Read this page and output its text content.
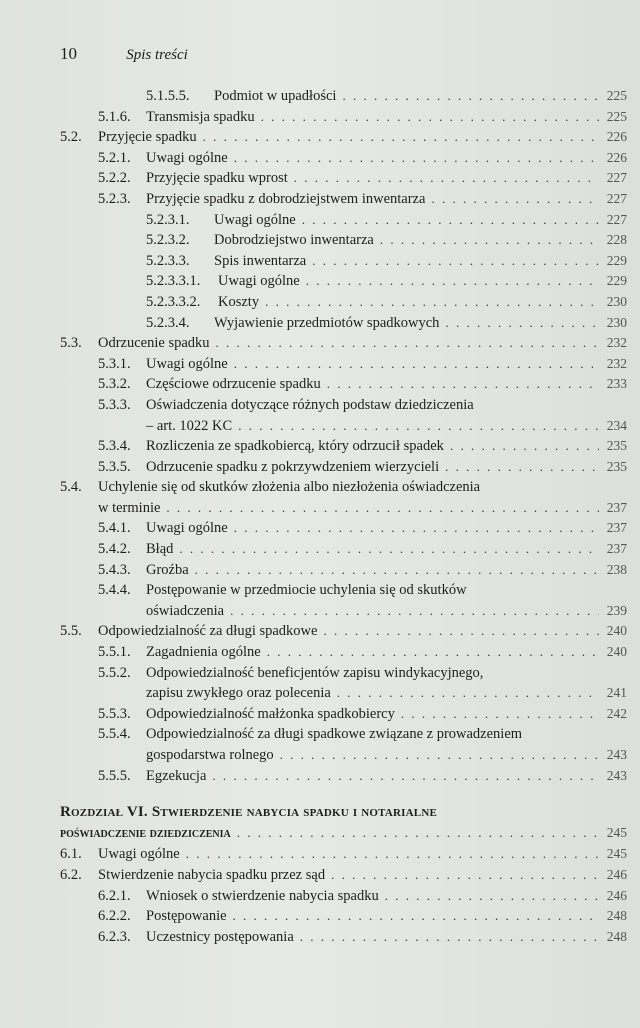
10	Spis treści
5.1.5.5.	Podmiot w upadłości . . .	225
5.1.6.	Transmisja spadku . . .	225
5.2.	Przyjęcie spadku . . .	226
5.2.1.	Uwagi ogólne . . .	226
5.2.2.	Przyjęcie spadku wprost . . .	227
5.2.3.	Przyjęcie spadku z dobrodziejstwem inwentarza . . .	227
5.2.3.1.	Uwagi ogólne . . .	227
5.2.3.2.	Dobrodziejstwo inwentarza . . .	228
5.2.3.3.	Spis inwentarza . . .	229
5.2.3.3.1.	Uwagi ogólne . . .	229
5.2.3.3.2.	Koszty . . .	230
5.2.3.4.	Wyjawienie przedmiotów spadkowych . . .	230
5.3.	Odrzucenie spadku . . .	232
5.3.1.	Uwagi ogólne . . .	232
5.3.2.	Częściowe odrzucenie spadku . . .	233
5.3.3.	Oświadczenia dotyczące różnych podstaw dziedziczenia
– art. 1022 KC . . .	234
5.3.4.	Rozliczenia ze spadkobiercą, który odrzucił spadek . . .	235
5.3.5.	Odrzucenie spadku z pokrzywdzeniem wierzycieli . . .	235
5.4.	Uchylenie się od skutków złożenia albo niezłożenia oświadczenia
w terminie . . .	237
5.4.1.	Uwagi ogólne . . .	237
5.4.2.	Błąd . . .	237
5.4.3.	Groźba . . .	238
5.4.4.	Postępowanie w przedmiocie uchylenia się od skutków
oświadczenia . . .	239
5.5.	Odpowiedzialność za długi spadkowe . . .	240
5.5.1.	Zagadnienia ogólne . . .	240
5.5.2.	Odpowiedzialność beneficjentów zapisu windykacyjnego,
zapisu zwykłego oraz polecenia . . .	241
5.5.3.	Odpowiedzialność małżonka spadkobiercy . . .	242
5.5.4.	Odpowiedzialność za długi spadkowe związane z prowadzeniem
gospodarstwa rolnego . . .	243
5.5.5.	Egzekucja . . .	243
Rozdział VI. Stwierdzenie nabycia spadku i notarialne
poświadczenie dziedziczenia . . .	245
6.1.	Uwagi ogólne . . .	245
6.2.	Stwierdzenie nabycia spadku przez sąd . . .	246
6.2.1.	Wniosek o stwierdzenie nabycia spadku . . .	246
6.2.2.	Postępowanie . . .	248
6.2.3.	Uczestnicy postępowania . . .	248
